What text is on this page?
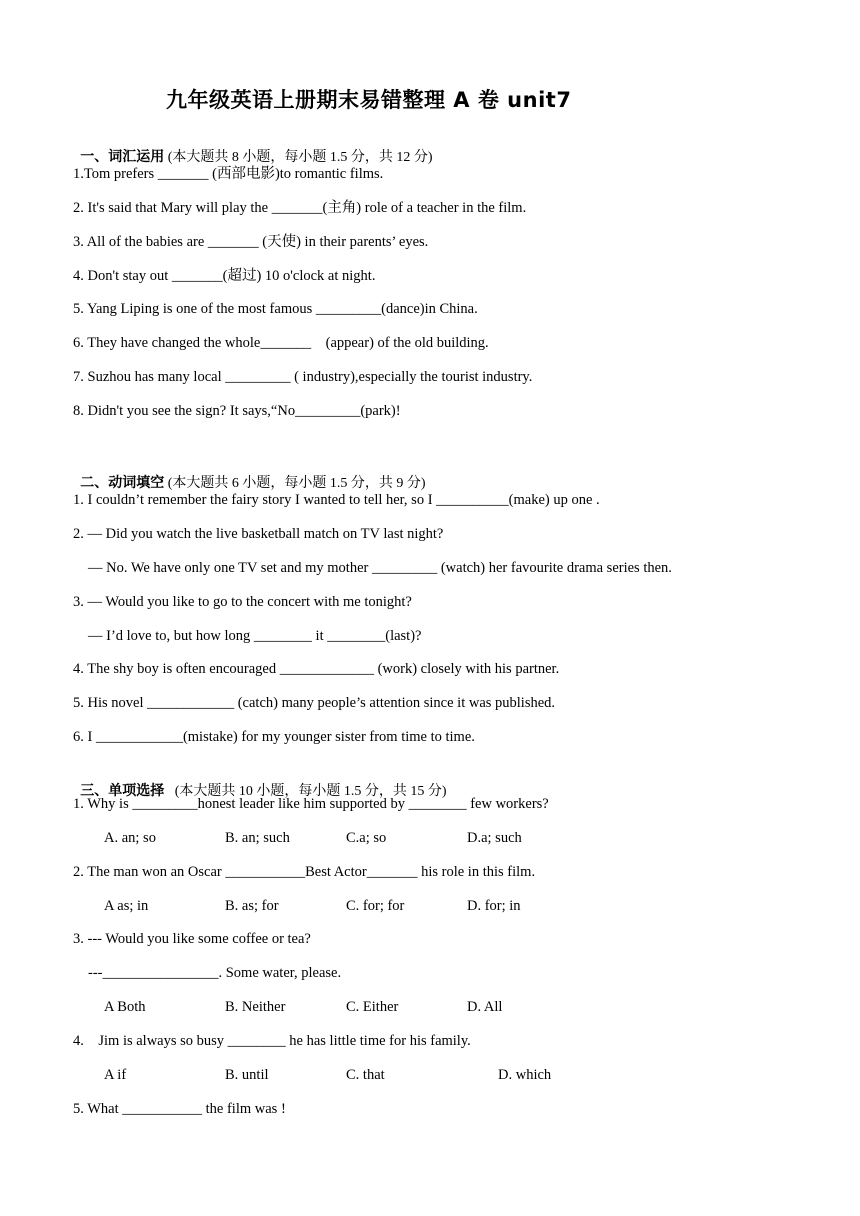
九年级英语上册期末易错整理 A 卷 unit7

一、词汇运用 (本大题共 8 小题，每小题 1.5 分，共 12 分)

1.Tom prefers _______ (西部电影)to romantic films.
2. It's said that Mary will play the _______(主角) role of a teacher in the film.
3. All of the babies are _______ (天使) in their parents’ eyes.
4. Don't stay out _______(超过) 10 o'clock at night.
5. Yang Liping is one of the most famous _________(dance)in China.
6. They have changed the whole_______    (appear) of the old building.
7. Suzhou has many local _________ ( industry),especially the tourist industry.
8. Didn't you see the sign? It says,“No_________(park)!

二、动词填空 (本大题共 6 小题，每小题 1.5 分，共 9 分)

1. I couldn’t remember the fairy story I wanted to tell her, so I __________(make) up one .
2. — Did you watch the live basketball match on TV last night?
— No. We have only one TV set and my mother _________ (watch) her favourite drama series then.
3. — Would you like to go to the concert with me tonight?
— I’d love to, but how long ________ it ________(last)?
4. The shy boy is often encouraged _____________ (work) closely with his partner.
5. His novel ____________ (catch) many people’s attention since it was published.
6. I ____________(mistake) for my younger sister from time to time.

三、单项选择   (本大题共 10 小题，每小题 1.5 分，共 15 分)

1. Why is _________honest leader like him supported by ________ few workers?
A. an; so	B. an; such	C.a; so	D.a; such
2. The man won an Oscar ___________Best Actor_______ his role in this film.
A as; in	B. as; for	C. for; for	D. for; in
3. --- Would you like some coffee or tea?
---________________. Some water, please.
A Both	B. Neither	C. Either	D. All
4.    Jim is always so busy ________ he has little time for his family.
A if	B. until	C. that	D. which
5. What ___________ the film was !
